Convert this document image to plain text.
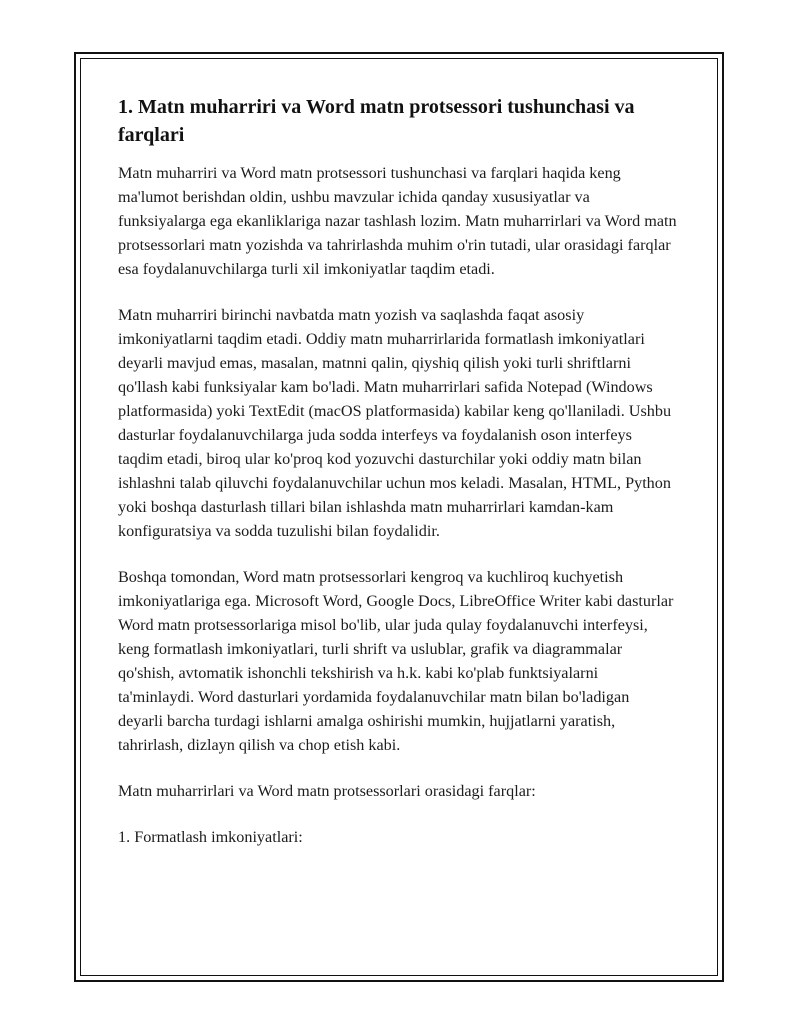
1. Matn muharriri va Word matn protsessori tushunchasi va farqlari

Matn muharriri va Word matn protsessori tushunchasi va farqlari haqida keng ma'lumot berishdan oldin, ushbu mavzular ichida qanday xususiyatlar va funksiyalarga ega ekanliklariga nazar tashlash lozim. Matn muharrirlari va Word matn protsessorlari matn yozishda va tahrirlashda muhim o'rin tutadi, ular orasidagi farqlar esa foydalanuvchilarga turli xil imkoniyatlar taqdim etadi.

Matn muharriri birinchi navbatda matn yozish va saqlashda faqat asosiy imkoniyatlarni taqdim etadi. Oddiy matn muharrirlarida formatlash imkoniyatlari deyarli mavjud emas, masalan, matnni qalin, qiyshiq qilish yoki turli shriftlarni qo'llash kabi funksiyalar kam bo'ladi. Matn muharrirlari safida Notepad (Windows platformasida) yoki TextEdit (macOS platformasida) kabilar keng qo'llaniladi. Ushbu dasturlar foydalanuvchilarga juda sodda interfeys va foydalanish oson interfeys taqdim etadi, biroq ular ko'proq kod yozuvchi dasturchilar yoki oddiy matn bilan ishlashni talab qiluvchi foydalanuvchilar uchun mos keladi. Masalan, HTML, Python yoki boshqa dasturlash tillari bilan ishlashda matn muharrirlari kamdan-kam konfiguratsiya va sodda tuzulishi bilan foydalidir.

Boshqa tomondan, Word matn protsessorlari kengroq va kuchliroq kuchyetish imkoniyatlariga ega. Microsoft Word, Google Docs, LibreOffice Writer kabi dasturlar Word matn protsessorlariga misol bo'lib, ular juda qulay foydalanuvchi interfeysi, keng formatlash imkoniyatlari, turli shrift va uslublar, grafik va diagrammalar qo'shish, avtomatik ishonchli tekshirish va h.k. kabi ko'plab funktsiyalarni ta'minlaydi. Word dasturlari yordamida foydalanuvchilar matn bilan bo'ladigan deyarli barcha turdagi ishlarni amalga oshirishi mumkin, hujjatlarni yaratish, tahrirlash, dizlayn qilish va chop etish kabi.

Matn muharrirlari va Word matn protsessorlari orasidagi farqlar:

1. Formatlash imkoniyatlari:
